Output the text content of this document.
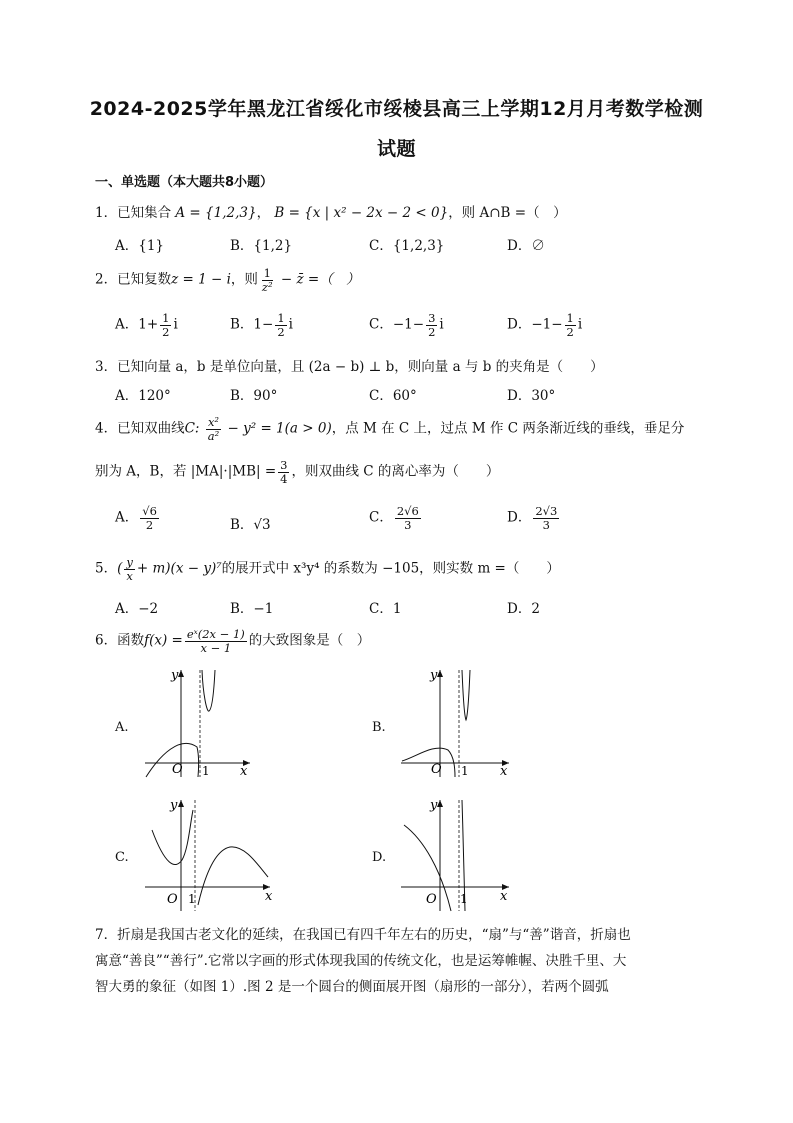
2024-2025学年黑龙江省绥化市绥棱县高三上学期12月月考数学检测
试题
一、单选题（本大题共8小题）
1．已知集合 A = {1,2,3}， B = {x | x² − 2x − 2 < 0}，则 A∩B =（　）
A．{1}	B．{1,2}	C．{1,2,3}	D．∅
2．已知复数z = 1 − i，则 $\frac{1}{\text{z²}}$ − z̄ =（　）
A．$1+ \frac{1}{2}$ i	B．$1- \frac{1}{2}$ i	C．$-1- \frac{3}{2}$ i	D．$-1- \frac{1}{2}$ i
3．已知向量 a，b 是单位向量，且 (2a − b) ⊥ b，则向量 a 与 b 的夹角是（　　）
A．120°	B．90°	C．60°	D．30°
4．已知双曲线C: $\frac{\text{x²}}{\text{a²}} - y^2 = 1(a > 0)$，点 M 在 C 上，过点 M 作 C 两条渐近线的垂线，垂足分
别为 A，B，若 $|MA|\cdot|MB| = \frac{3}{4}$ ，则双曲线 C 的离心率为（　　）
A． $\frac{√6}{2}$	B．√3	C． $\frac{2√6}{3}$	D． $\frac{2√3}{3}$
5．( $\frac{y}{x} + m)(x - y)^7$的展开式中 x³y⁴ 的系数为 −105，则实数 m =（　　）
A．−2	B．−1	C．1	D．2
6．函数$f(x) = \frac{\text{eˣ(2x − 1)}}{x - 1}$ 的大致图象是（　）
A.	B.
C.	D.
O 1 x
y
O 1 x
y
O 1	x
y
O 1 x
y
7．折扇是我国古老文化的延续，在我国已有四千年左右的历史，“扇”与“善”谐音，折扇也
寓意“善良”“善行”.它常以字画的形式体现我国的传统文化，也是运筹帷幄、决胜千里、大
智大勇的象征（如图 1）.图 2 是一个圆台的侧面展开图（扇形的一部分），若两个圆弧
